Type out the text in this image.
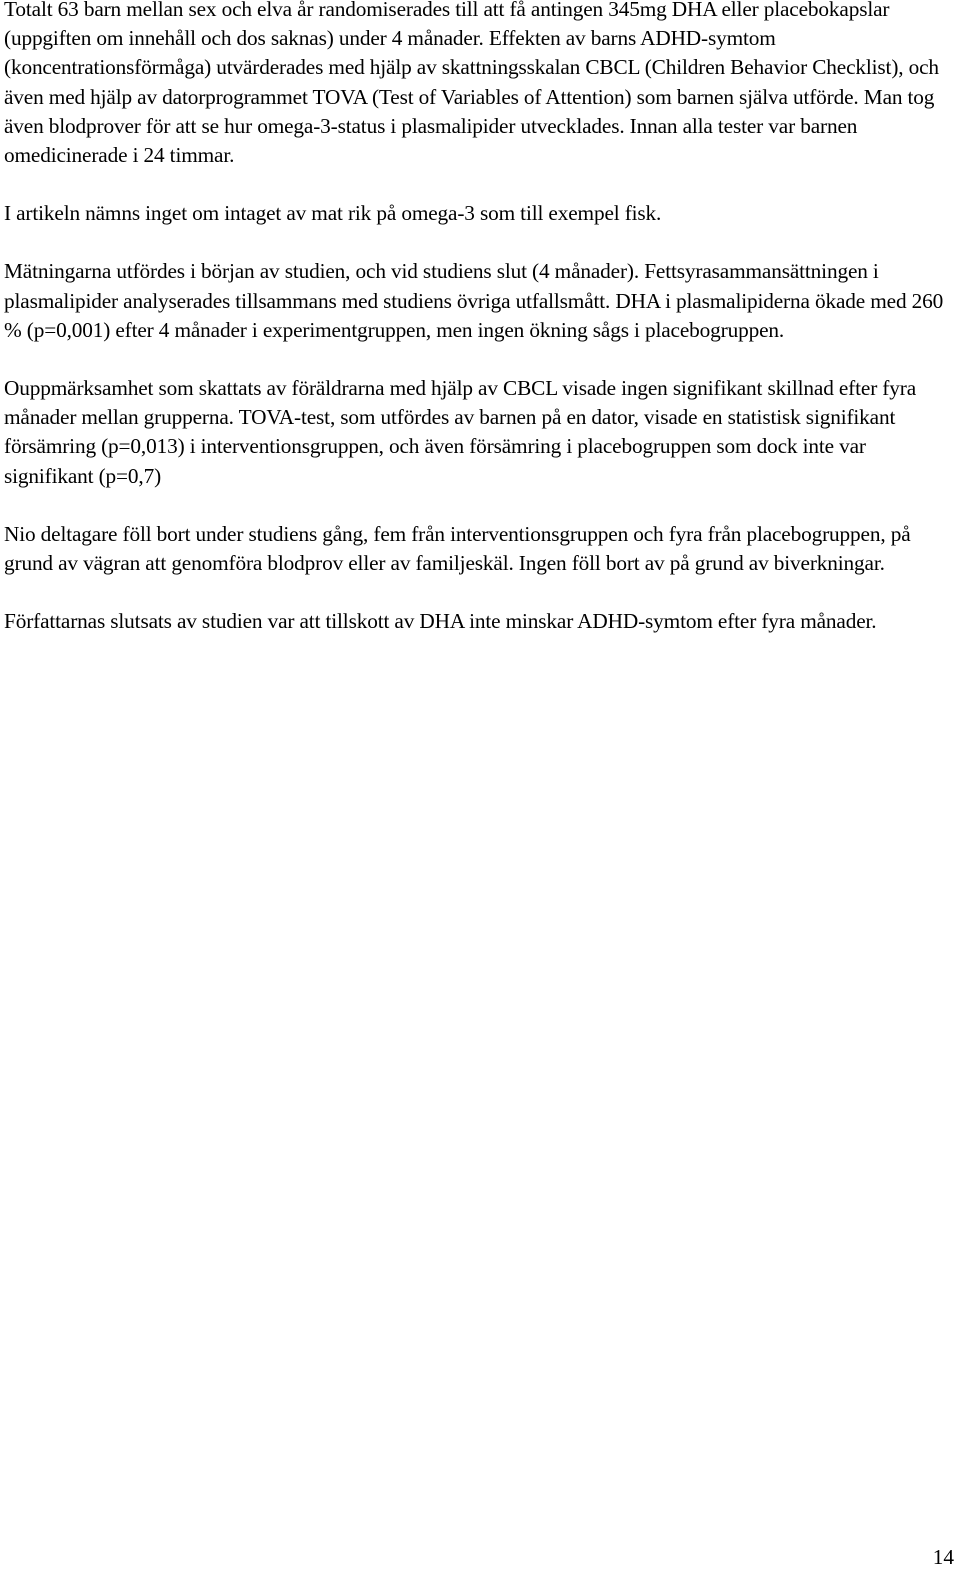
Totalt 63 barn mellan sex och elva år randomiserades till att få antingen 345mg DHA eller placebokapslar (uppgiften om innehåll och dos saknas) under 4 månader. Effekten av barns ADHD-symtom (koncentrationsförmåga) utvärderades med hjälp av skattningsskalan CBCL (Children Behavior Checklist), och även med hjälp av datorprogrammet TOVA (Test of Variables of Attention) som barnen själva utförde. Man tog även blodprover för att se hur omega-3-status i plasmalipider utvecklades. Innan alla tester var barnen omedicinerade i 24 timmar.

I artikeln nämns inget om intaget av mat rik på omega-3 som till exempel fisk.

Mätningarna utfördes i början av studien, och vid studiens slut (4 månader). Fettsyrasammansättningen i plasmalipider analyserades tillsammans med studiens övriga utfallsmått. DHA i plasmalipiderna ökade med 260 % (p=0,001) efter 4 månader i experimentgruppen, men ingen ökning sågs i placebogruppen.

Ouppmärksamhet som skattats av föräldrarna med hjälp av CBCL visade ingen signifikant skillnad efter fyra månader mellan grupperna. TOVA-test, som utfördes av barnen på en dator, visade en statistisk signifikant försämring (p=0,013) i interventionsgruppen, och även försämring i placebogruppen som dock inte var signifikant (p=0,7)

Nio deltagare föll bort under studiens gång, fem från interventionsgruppen och fyra från placebogruppen, på grund av vägran att genomföra blodprov eller av familjeskäl. Ingen föll bort av på grund av biverkningar.

Författarnas slutsats av studien var att tillskott av DHA inte minskar ADHD-symtom efter fyra månader.

14
